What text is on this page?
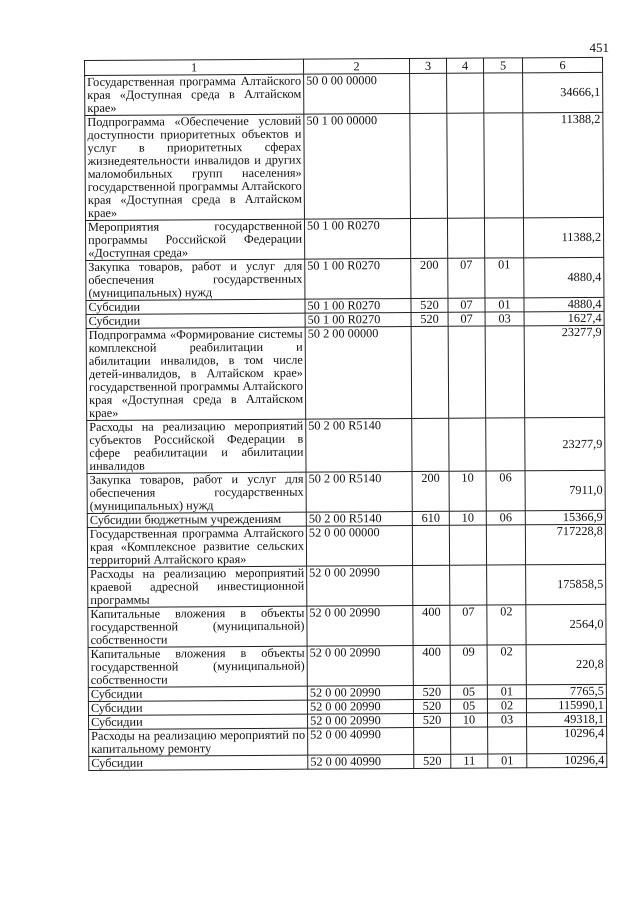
451
1	2	3	4	5	6
Государственная программа Алтайского края «Доступная среда в Алтайском крае»	50 0 00 00000				34666,1
Подпрограмма «Обеспечение условий доступности приоритетных объектов и услуг в приоритетных сферах жизнедеятельности инвалидов и других маломобильных групп населения» государственной программы Алтайского края «Доступная среда в Алтайском крае»	50 1 00 00000				11388,2
Мероприятия государственной программы Российской Федерации «Доступная среда»	50 1 00 R0270				11388,2
Закупка товаров, работ и услуг для обеспечения государственных (муниципальных) нужд	50 1 00 R0270	200	07	01	4880,4
Субсидии	50 1 00 R0270	520	07	01	4880,4
Субсидии	50 1 00 R0270	520	07	03	1627,4
Подпрограмма «Формирование системы комплексной реабилитации и абилитации инвалидов, в том числе детей-инвалидов, в Алтайском крае» государственной программы Алтайского края «Доступная среда в Алтайском крае»	50 2 00 00000				23277,9
Расходы на реализацию мероприятий субъектов Российской Федерации в сфере реабилитации и абилитации инвалидов	50 2 00 R5140				23277,9
Закупка товаров, работ и услуг для обеспечения государственных (муниципальных) нужд	50 2 00 R5140	200	10	06	7911,0
Субсидии бюджетным учреждениям	50 2 00 R5140	610	10	06	15366,9
Государственная программа Алтайского края «Комплексное развитие сельских территорий Алтайского края»	52 0 00 00000				717228,8
Расходы на реализацию мероприятий краевой адресной инвестиционной программы	52 0 00 20990				175858,5
Капитальные вложения в объекты государственной (муниципальной) собственности	52 0 00 20990	400	07	02	2564,0
Капитальные вложения в объекты государственной (муниципальной) собственности	52 0 00 20990	400	09	02	220,8
Субсидии	52 0 00 20990	520	05	01	7765,5
Субсидии	52 0 00 20990	520	05	02	115990,1
Субсидии	52 0 00 20990	520	10	03	49318,1
Расходы на реализацию мероприятий по капитальному ремонту	52 0 00 40990				10296,4
Субсидии	52 0 00 40990	520	11	01	10296,4
